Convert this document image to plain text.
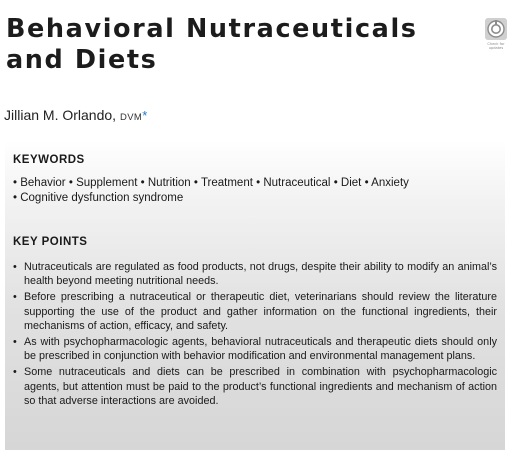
Behavioral Nutraceuticals
and Diets
Check for
updates
Jillian M. Orlando, DVM*
KEYWORDS
• Behavior • Supplement • Nutrition • Treatment • Nutraceutical • Diet • Anxiety
• Cognitive dysfunction syndrome
KEY POINTS
• Nutraceuticals are regulated as food products, not drugs, despite their ability to modify an animal’s health beyond meeting nutritional needs.
• Before prescribing a nutraceutical or therapeutic diet, veterinarians should review the literature supporting the use of the product and gather information on the functional ingredients, their mechanisms of action, efficacy, and safety.
• As with psychopharmacologic agents, behavioral nutraceuticals and therapeutic diets should only be prescribed in conjunction with behavior modification and environmental management plans.
• Some nutraceuticals and diets can be prescribed in combination with psychopharmacologic agents, but attention must be paid to the product’s functional ingredients and mechanism of action so that adverse interactions are avoided.
